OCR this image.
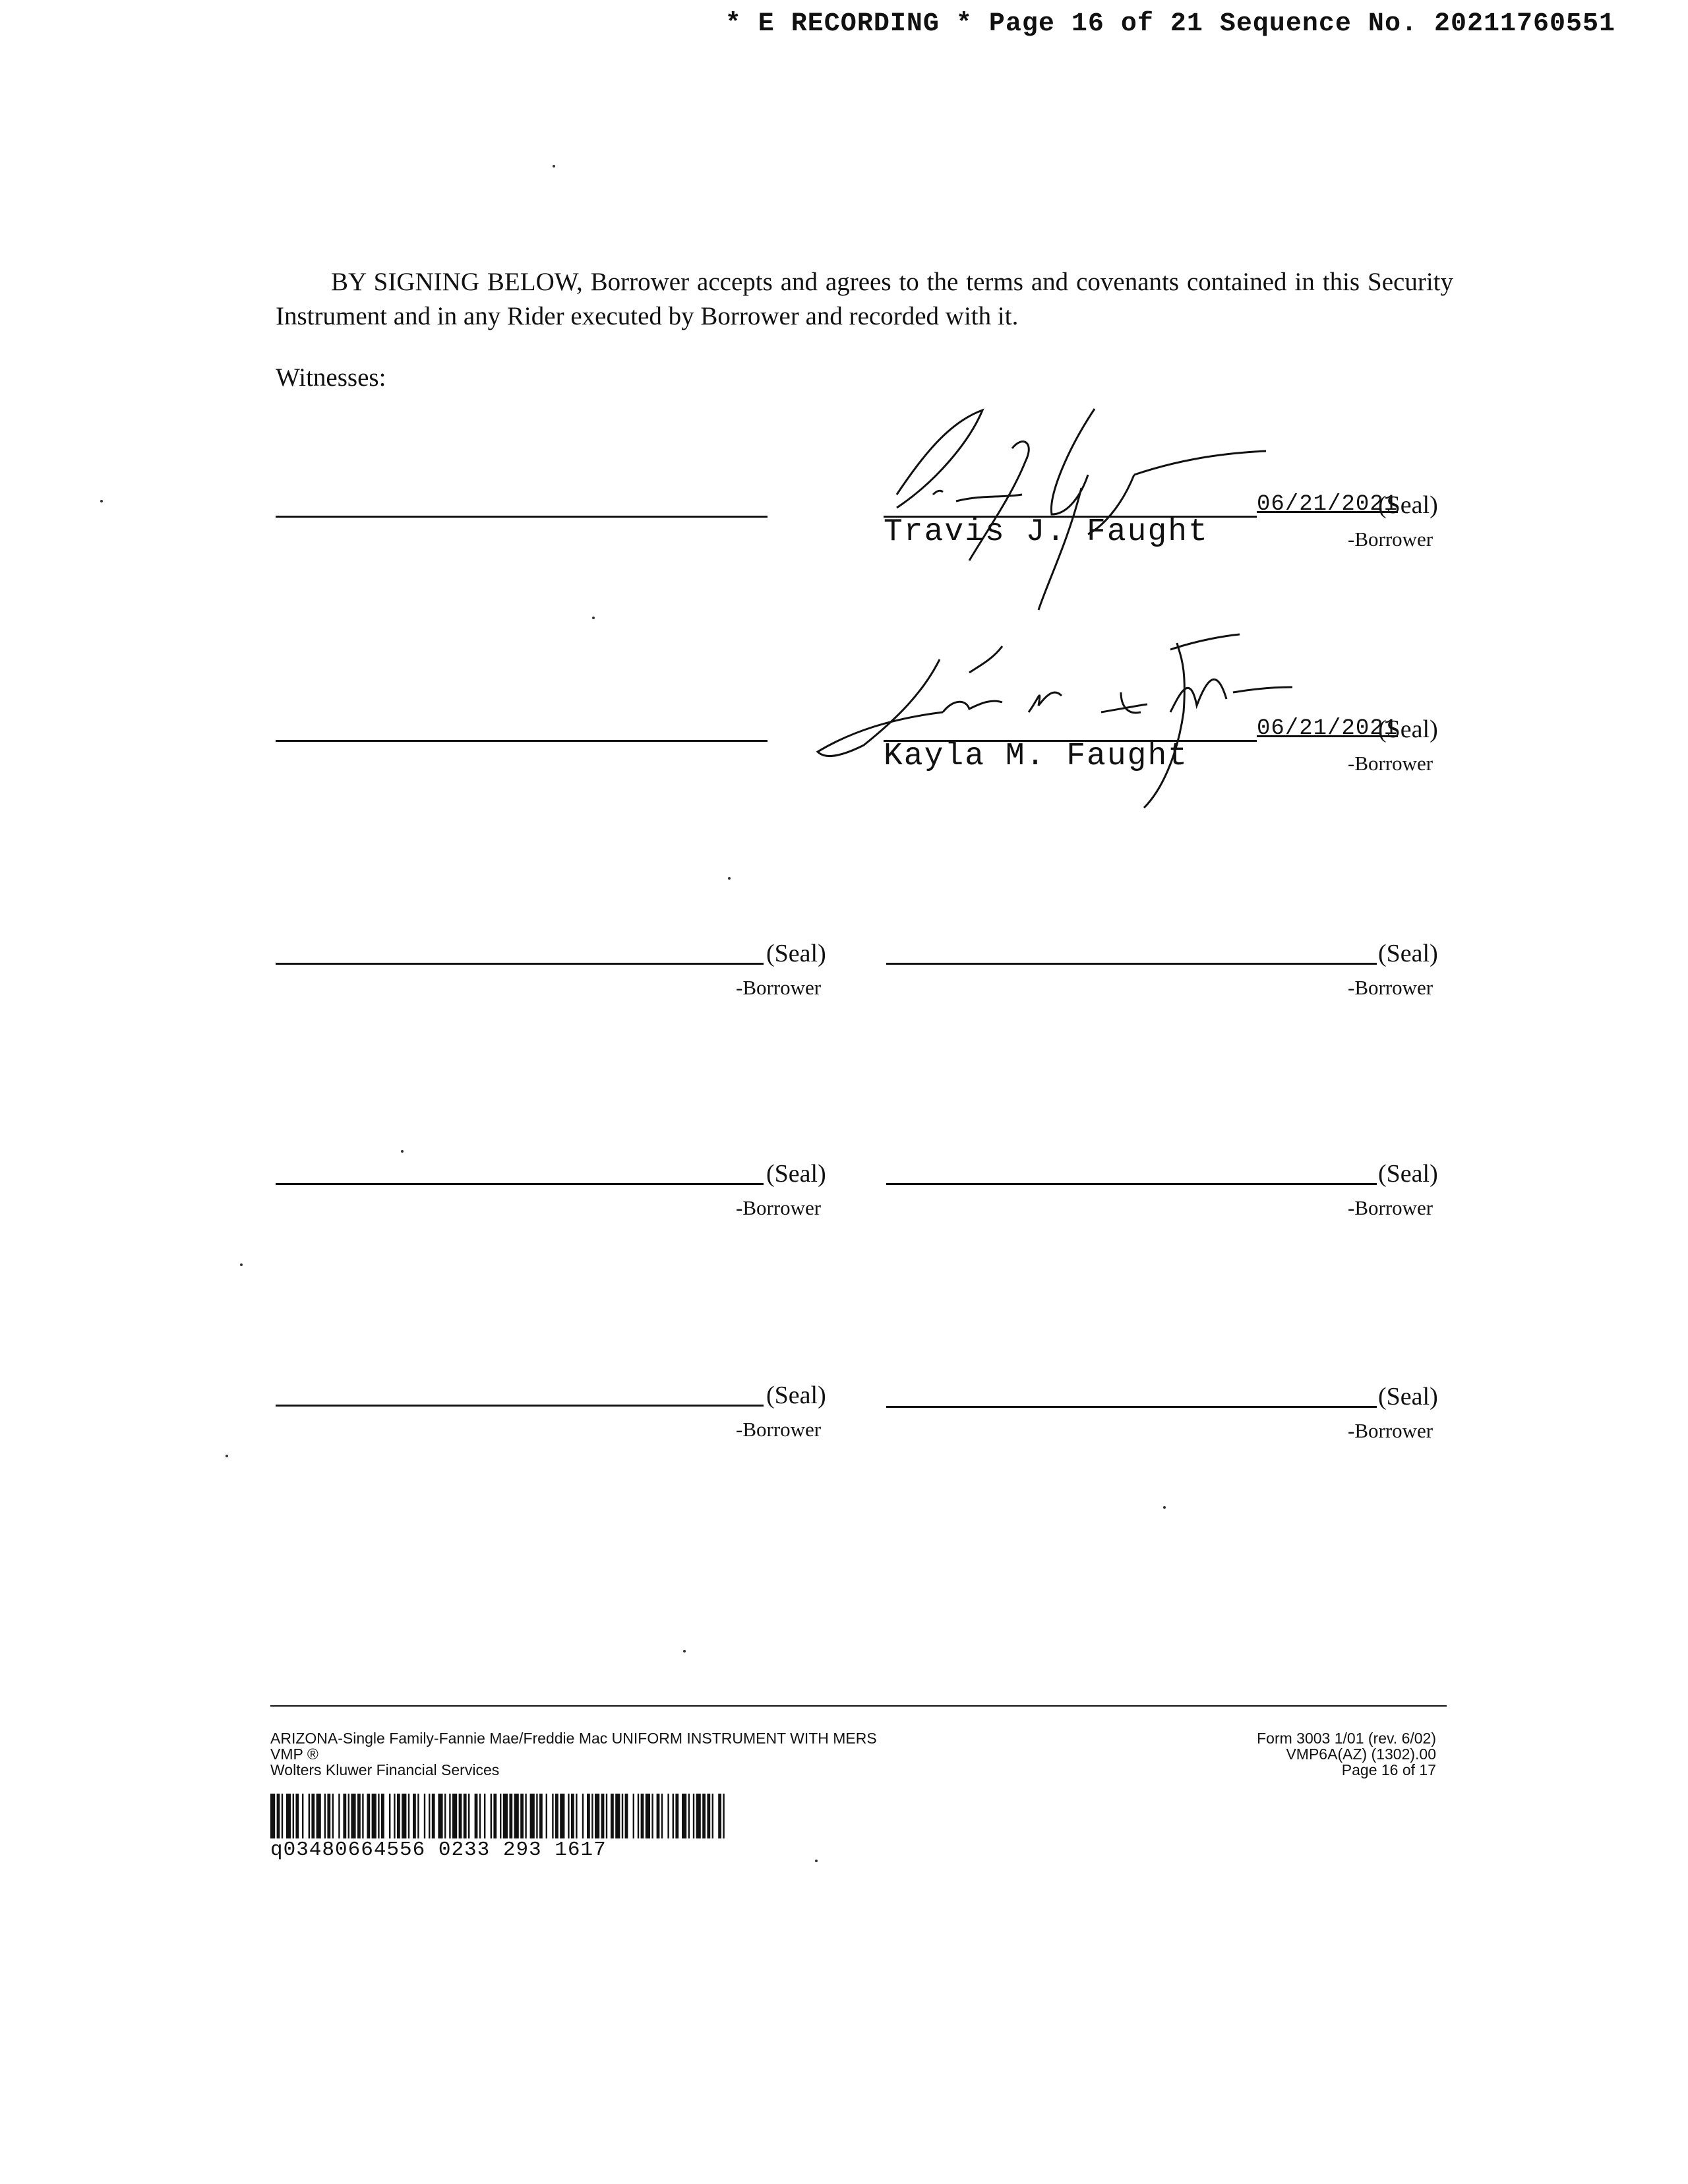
* E RECORDING * Page 16 of 21 Sequence No. 20211760551
BY SIGNING BELOW, Borrower accepts and agrees to the terms and covenants contained in this Security Instrument and in any Rider executed by Borrower and recorded with it.
Witnesses:
Travis J. Faught
06/21/2021
(Seal)
-Borrower
Kayla M. Faught
06/21/2021
(Seal)
-Borrower
(Seal)
-Borrower
(Seal)
-Borrower
(Seal)
-Borrower
(Seal)
-Borrower
(Seal)
-Borrower
(Seal)
-Borrower
ARIZONA-Single Family-Fannie Mae/Freddie Mac UNIFORM INSTRUMENT WITH MERS
VMP ®
Wolters Kluwer Financial Services
Form 3003 1/01 (rev. 6/02)
VMP6A(AZ) (1302).00
Page 16 of 17
q03480664556 0233 293 1617
